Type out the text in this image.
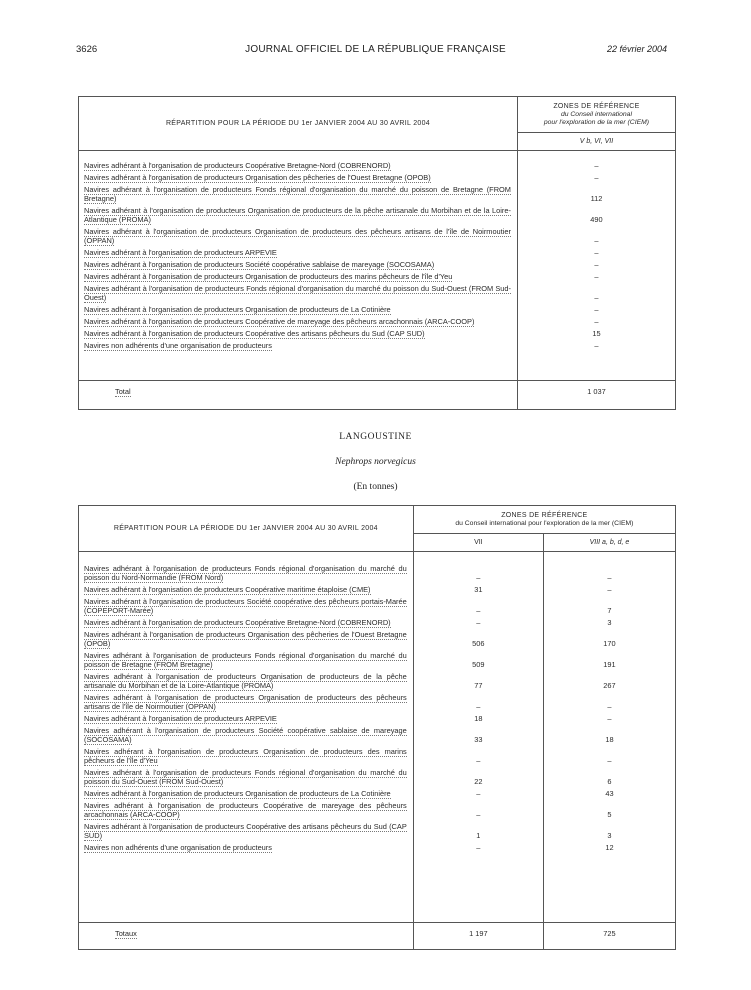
3626	JOURNAL OFFICIEL DE LA RÉPUBLIQUE FRANÇAISE	22 février 2004
RÉPARTITION POUR LA PÉRIODE DU 1er JANVIER 2004 AU 30 AVRIL 2004	ZONES DE RÉFÉRENCE
du Conseil international
pour l'exploration de la mer (CIEM)

	V b, VI, VII

Navires adhérant à l'organisation de producteurs Coopérative Bretagne-Nord (COBRENORD)	–
Navires adhérant à l'organisation de producteurs Organisation des pêcheries de l'Ouest Bretagne (OPOB)	–
Navires adhérant à l'organisation de producteurs Fonds régional d'organisation du marché du poisson de Bretagne (FROM Bretagne)	112
Navires adhérant à l'organisation de producteurs Organisation de producteurs de la pêche artisanale du Morbihan et de la Loire-Atlantique (PROMA)	490
Navires adhérant à l'organisation de producteurs Organisation de producteurs des pêcheurs artisans de l'île de Noirmoutier (OPPAN)	–
Navires adhérant à l'organisation de producteurs ARPEVIE	–
Navires adhérant à l'organisation de producteurs Société coopérative sablaise de mareyage (SOCOSAMA)	–
Navires adhérant à l'organisation de producteurs Organisation de producteurs des marins pêcheurs de l'île d'Yeu	–
Navires adhérant à l'organisation de producteurs Fonds régional d'organisation du marché du poisson du Sud-Ouest (FROM Sud-Ouest)	–
Navires adhérant à l'organisation de producteurs Organisation de producteurs de La Cotinière	–
Navires adhérant à l'organisation de producteurs Coopérative de mareyage des pêcheurs arcachonnais (ARCA-COOP)	–
Navires adhérant à l'organisation de producteurs Coopérative des artisans pêcheurs du Sud (CAP SUD)	15
Navires non adhérents d'une organisation de producteurs	–

Total	1 037
LANGOUSTINE
Nephrops norvegicus
(En tonnes)
RÉPARTITION POUR LA PÉRIODE DU 1er JANVIER 2004 AU 30 AVRIL 2004	ZONES DE RÉFÉRENCE
du Conseil international pour l'exploration de la mer (CIEM)	

	VII	VIII a, b, d, e

Navires adhérant à l'organisation de producteurs Fonds régional d'organisation du marché du poisson du Nord-Normandie (FROM Nord)	–	–
Navires adhérant à l'organisation de producteurs Coopérative maritime étaploise (CME)	31	–
Navires adhérant à l'organisation de producteurs Société coopérative des pêcheurs portais-Marée (COPEPORT-Marée)	–	7
Navires adhérant à l'organisation de producteurs Coopérative Bretagne-Nord (COBRENORD)	–	3
Navires adhérant à l'organisation de producteurs Organisation des pêcheries de l'Ouest Bretagne (OPOB)	506	170
Navires adhérant à l'organisation de producteurs Fonds régional d'organisation du marché du poisson de Bretagne (FROM Bretagne)	509	191
Navires adhérant à l'organisation de producteurs Organisation de producteurs de la pêche artisanale du Morbihan et de la Loire-Atlantique (PROMA)	77	267
Navires adhérant à l'organisation de producteurs Organisation de producteurs des pêcheurs artisans de l'île de Noirmoutier (OPPAN)	–	–
Navires adhérant à l'organisation de producteurs ARPEVIE	18	–
Navires adhérant à l'organisation de producteurs Société coopérative sablaise de mareyage (SOCOSAMA)	33	18
Navires adhérant à l'organisation de producteurs Organisation de producteurs des marins pêcheurs de l'île d'Yeu	–	–
Navires adhérant à l'organisation de producteurs Fonds régional d'organisation du marché du poisson du Sud-Ouest (FROM Sud-Ouest)	22	6
Navires adhérant à l'organisation de producteurs Organisation de producteurs de La Cotinière	–	43
Navires adhérant à l'organisation de producteurs Coopérative de mareyage des pêcheurs arcachonnais (ARCA-COOP)	–	5
Navires adhérant à l'organisation de producteurs Coopérative des artisans pêcheurs du Sud (CAP SUD)	1	3
Navires non adhérents d'une organisation de producteurs	–	12

Totaux	1 197	725
